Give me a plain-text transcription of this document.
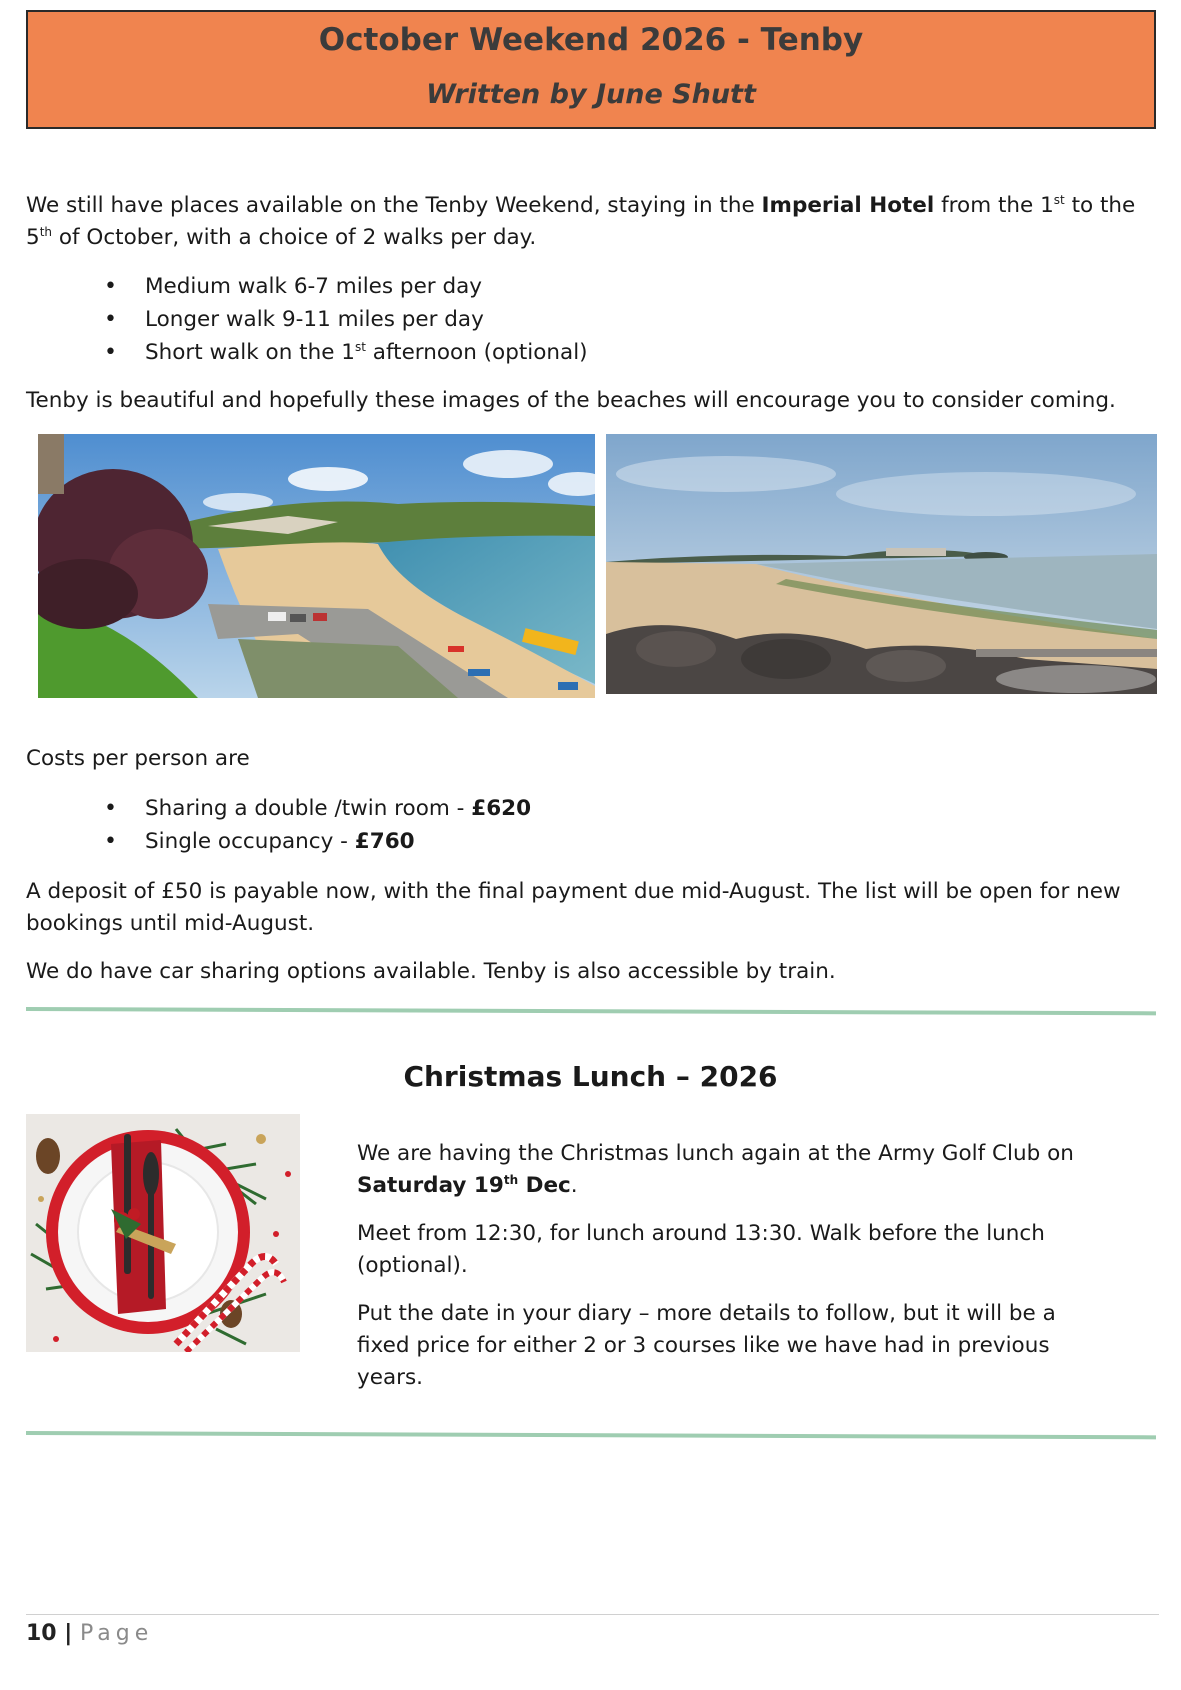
October Weekend 2026 - Tenby
Written by June Shutt
We still have places available on the Tenby Weekend, staying in the Imperial Hotel from the 1st to the 5th of October, with a choice of 2 walks per day.
• Medium walk 6-7 miles per day
• Longer walk 9-11 miles per day
• Short walk on the 1st afternoon (optional)
Tenby is beautiful and hopefully these images of the beaches will encourage you to consider coming.
Costs per person are
• Sharing a double /twin room - £620
• Single occupancy - £760
A deposit of £50 is payable now, with the final payment due mid-August. The list will be open for new bookings until mid-August.
We do have car sharing options available. Tenby is also accessible by train.
Christmas Lunch – 2026
We are having the Christmas lunch again at the Army Golf Club on Saturday 19th Dec.
Meet from 12:30, for lunch around 13:30. Walk before the lunch (optional).
Put the date in your diary – more details to follow, but it will be a fixed price for either 2 or 3 courses like we have had in previous years.
10 | Page
